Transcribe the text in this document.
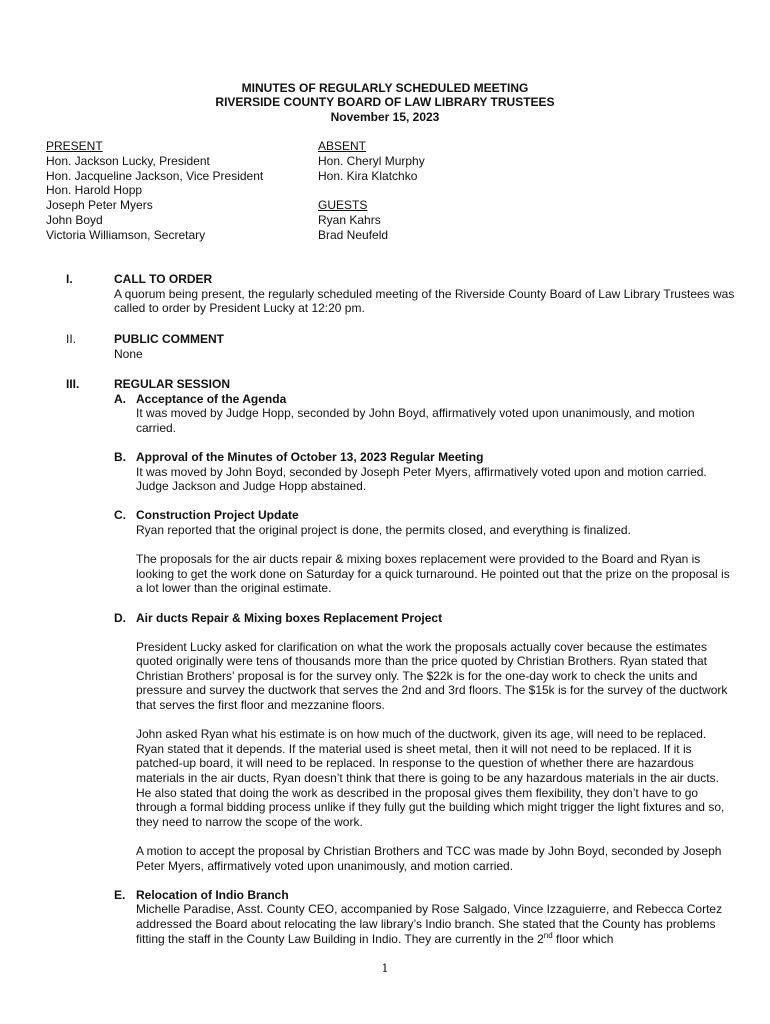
MINUTES OF REGULARLY SCHEDULED MEETING
RIVERSIDE COUNTY BOARD OF LAW LIBRARY TRUSTEES
November 15, 2023
PRESENT
Hon. Jackson Lucky, President
Hon. Jacqueline Jackson, Vice President
Hon. Harold Hopp
Joseph Peter Myers
John Boyd
Victoria Williamson, Secretary
ABSENT
Hon. Cheryl Murphy
Hon. Kira Klatchko
GUESTS
Ryan Kahrs
Brad Neufeld
I.	CALL TO ORDER

A quorum being present, the regularly scheduled meeting of the Riverside County Board of Law Library Trustees was called to order by President Lucky at 12:20 pm.

II.	PUBLIC COMMENT

None

III.	REGULAR SESSION
A. Acceptance of the Agenda

It was moved by Judge Hopp, seconded by John Boyd, affirmatively voted upon unanimously, and motion carried.

B. Approval of the Minutes of October 13, 2023 Regular Meeting

It was moved by John Boyd, seconded by Joseph Peter Myers, affirmatively voted upon and motion carried. Judge Jackson and Judge Hopp abstained.

C. Construction Project Update

Ryan reported that the original project is done, the permits closed, and everything is finalized.

The proposals for the air ducts repair & mixing boxes replacement were provided to the Board and Ryan is looking to get the work done on Saturday for a quick turnaround. He pointed out that the prize on the proposal is a lot lower than the original estimate.

D. Air ducts Repair & Mixing boxes Replacement Project

President Lucky asked for clarification on what the work the proposals actually cover because the estimates quoted originally were tens of thousands more than the price quoted by Christian Brothers. Ryan stated that Christian Brothers’ proposal is for the survey only. The $22k is for the one-day work to check the units and pressure and survey the ductwork that serves the 2nd and 3rd floors. The $15k is for the survey of the ductwork that serves the first floor and mezzanine floors.

John asked Ryan what his estimate is on how much of the ductwork, given its age, will need to be replaced. Ryan stated that it depends. If the material used is sheet metal, then it will not need to be replaced. If it is patched-up board, it will need to be replaced. In response to the question of whether there are hazardous materials in the air ducts, Ryan doesn’t think that there is going to be any hazardous materials in the air ducts. He also stated that doing the work as described in the proposal gives them flexibility, they don’t have to go through a formal bidding process unlike if they fully gut the building which might trigger the light fixtures and so, they need to narrow the scope of the work.

A motion to accept the proposal by Christian Brothers and TCC was made by John Boyd, seconded by Joseph Peter Myers, affirmatively voted upon unanimously, and motion carried.

E. Relocation of Indio Branch

Michelle Paradise, Asst. County CEO, accompanied by Rose Salgado, Vince Izzaguierre, and Rebecca Cortez addressed the Board about relocating the law library’s Indio branch. She stated that the County has problems fitting the staff in the County Law Building in Indio. They are currently in the 2nd floor which

1
